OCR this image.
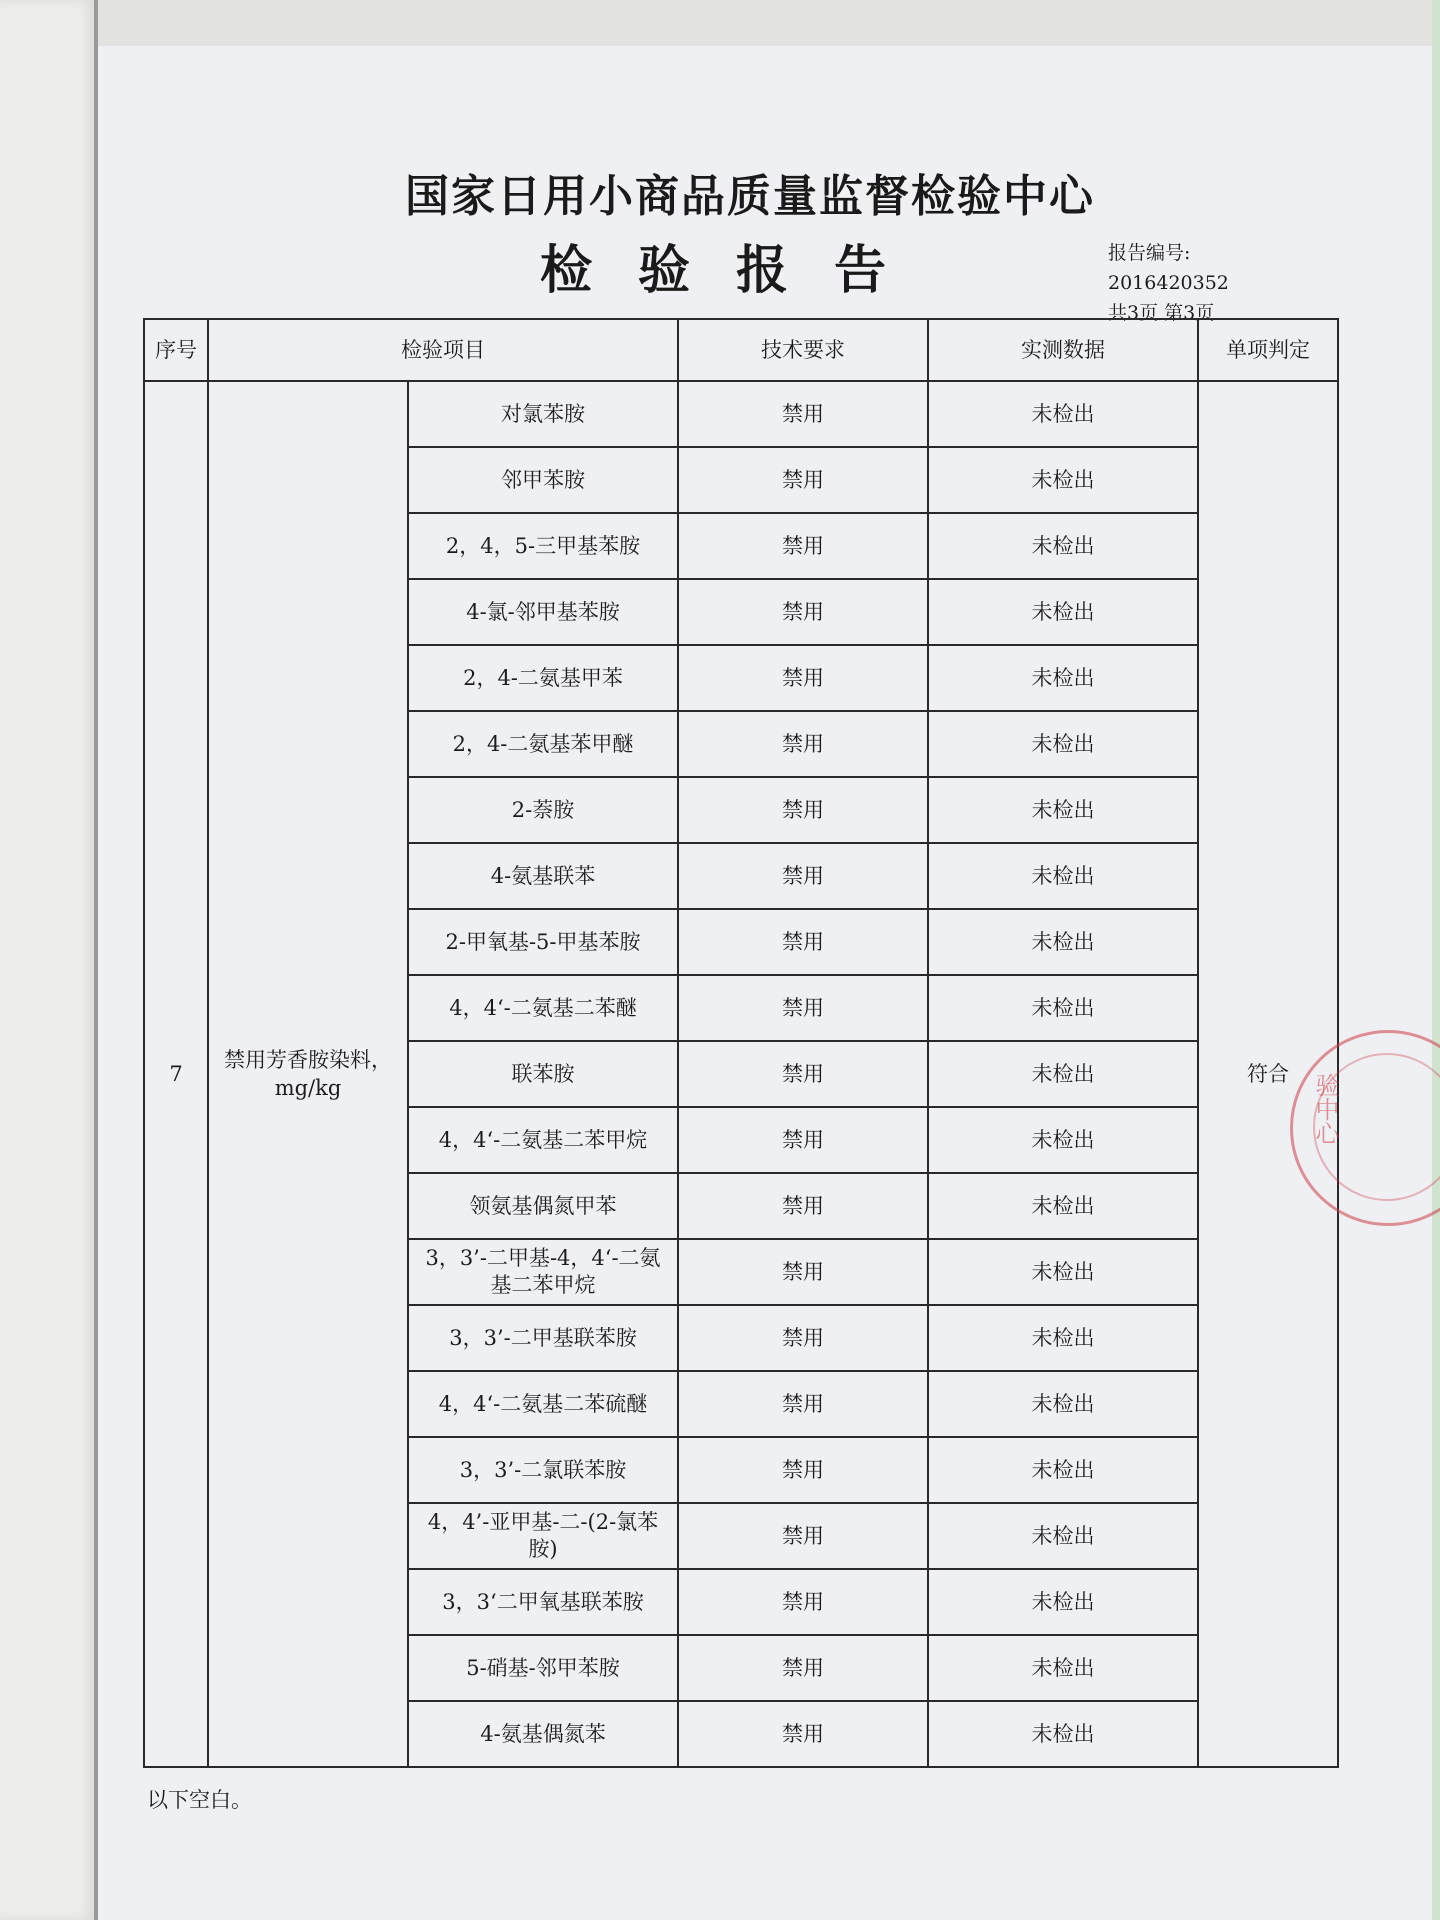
国家日用小商品质量监督检验中心
检验报告	报告编号:
2016420352
共3页 第3页
序号	检验项目		技术要求	实测数据	单项判定
7	禁用芳香胺染料，mg/kg	对氯苯胺	禁用	未检出	符合
		邻甲苯胺	禁用	未检出	
		2，4，5-三甲基苯胺	禁用	未检出	
		4-氯-邻甲基苯胺	禁用	未检出	
		2，4-二氨基甲苯	禁用	未检出	
		2，4-二氨基苯甲醚	禁用	未检出	
		2-萘胺	禁用	未检出	
		4-氨基联苯	禁用	未检出	
		2-甲氧基-5-甲基苯胺	禁用	未检出	
		4，4‘-二氨基二苯醚	禁用	未检出	
		联苯胺	禁用	未检出	
		4，4‘-二氨基二苯甲烷	禁用	未检出	
		领氨基偶氮甲苯	禁用	未检出	
		3，3’-二甲基-4，4‘-二氨基二苯甲烷	禁用	未检出	
		3，3’-二甲基联苯胺	禁用	未检出	
		4，4‘-二氨基二苯硫醚	禁用	未检出	
		3，3’-二氯联苯胺	禁用	未检出	
		4，4’-亚甲基-二-(2-氯苯胺)	禁用	未检出	
		3，3‘二甲氧基联苯胺	禁用	未检出	
		5-硝基-邻甲苯胺	禁用	未检出	
		4-氨基偶氮苯	禁用	未检出	
以下空白。
验中心
